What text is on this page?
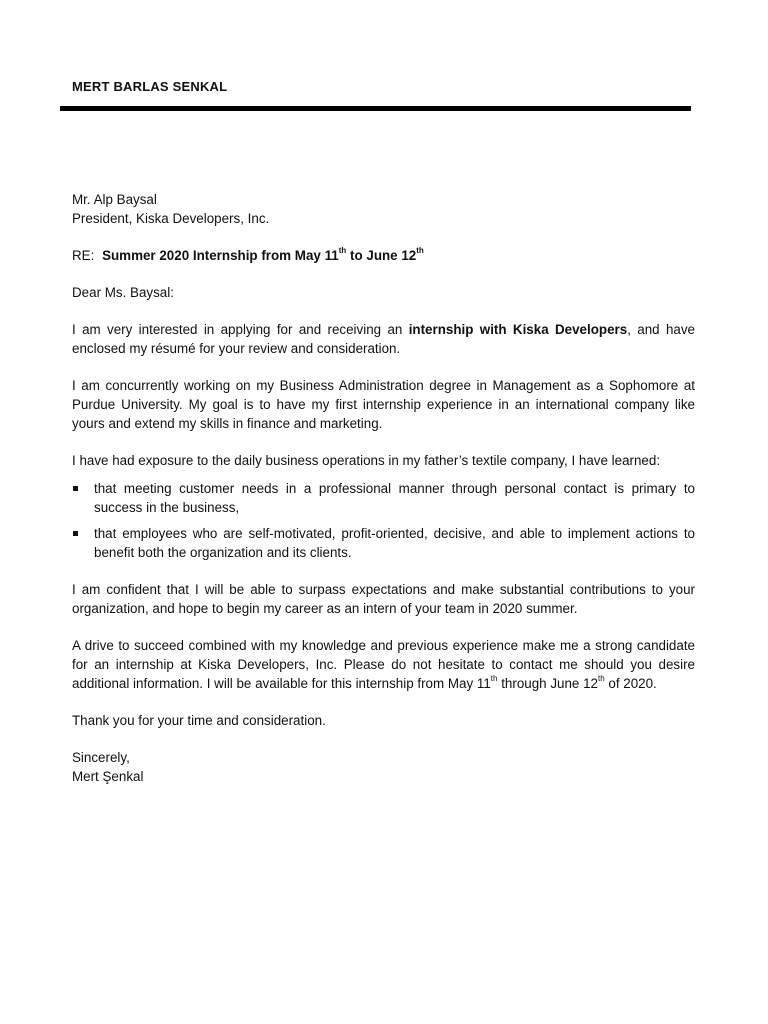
MERT BARLAS SENKAL

Mr. Alp Baysal

President, Kiska Developers, Inc.

RE: Summer 2020 Internship from May 11th to June 12th

Dear Ms. Baysal:

I am very interested in applying for and receiving an internship with Kiska Developers, and have enclosed my résumé for your review and consideration.

I am concurrently working on my Business Administration degree in Management as a Sophomore at Purdue University. My goal is to have my first internship experience in an international company like yours and extend my skills in finance and marketing.

I have had exposure to the daily business operations in my father’s textile company, I have learned:

that meeting customer needs in a professional manner through personal contact is primary to success in the business,
that employees who are self-motivated, profit-oriented, decisive, and able to implement actions to benefit both the organization and its clients.

I am confident that I will be able to surpass expectations and make substantial contributions to your organization, and hope to begin my career as an intern of your team in 2020 summer.

A drive to succeed combined with my knowledge and previous experience make me a strong candidate for an internship at Kiska Developers, Inc. Please do not hesitate to contact me should you desire additional information. I will be available for this internship from May 11th through June 12th of 2020.

Thank you for your time and consideration.

Sincerely,

Mert Şenkal
